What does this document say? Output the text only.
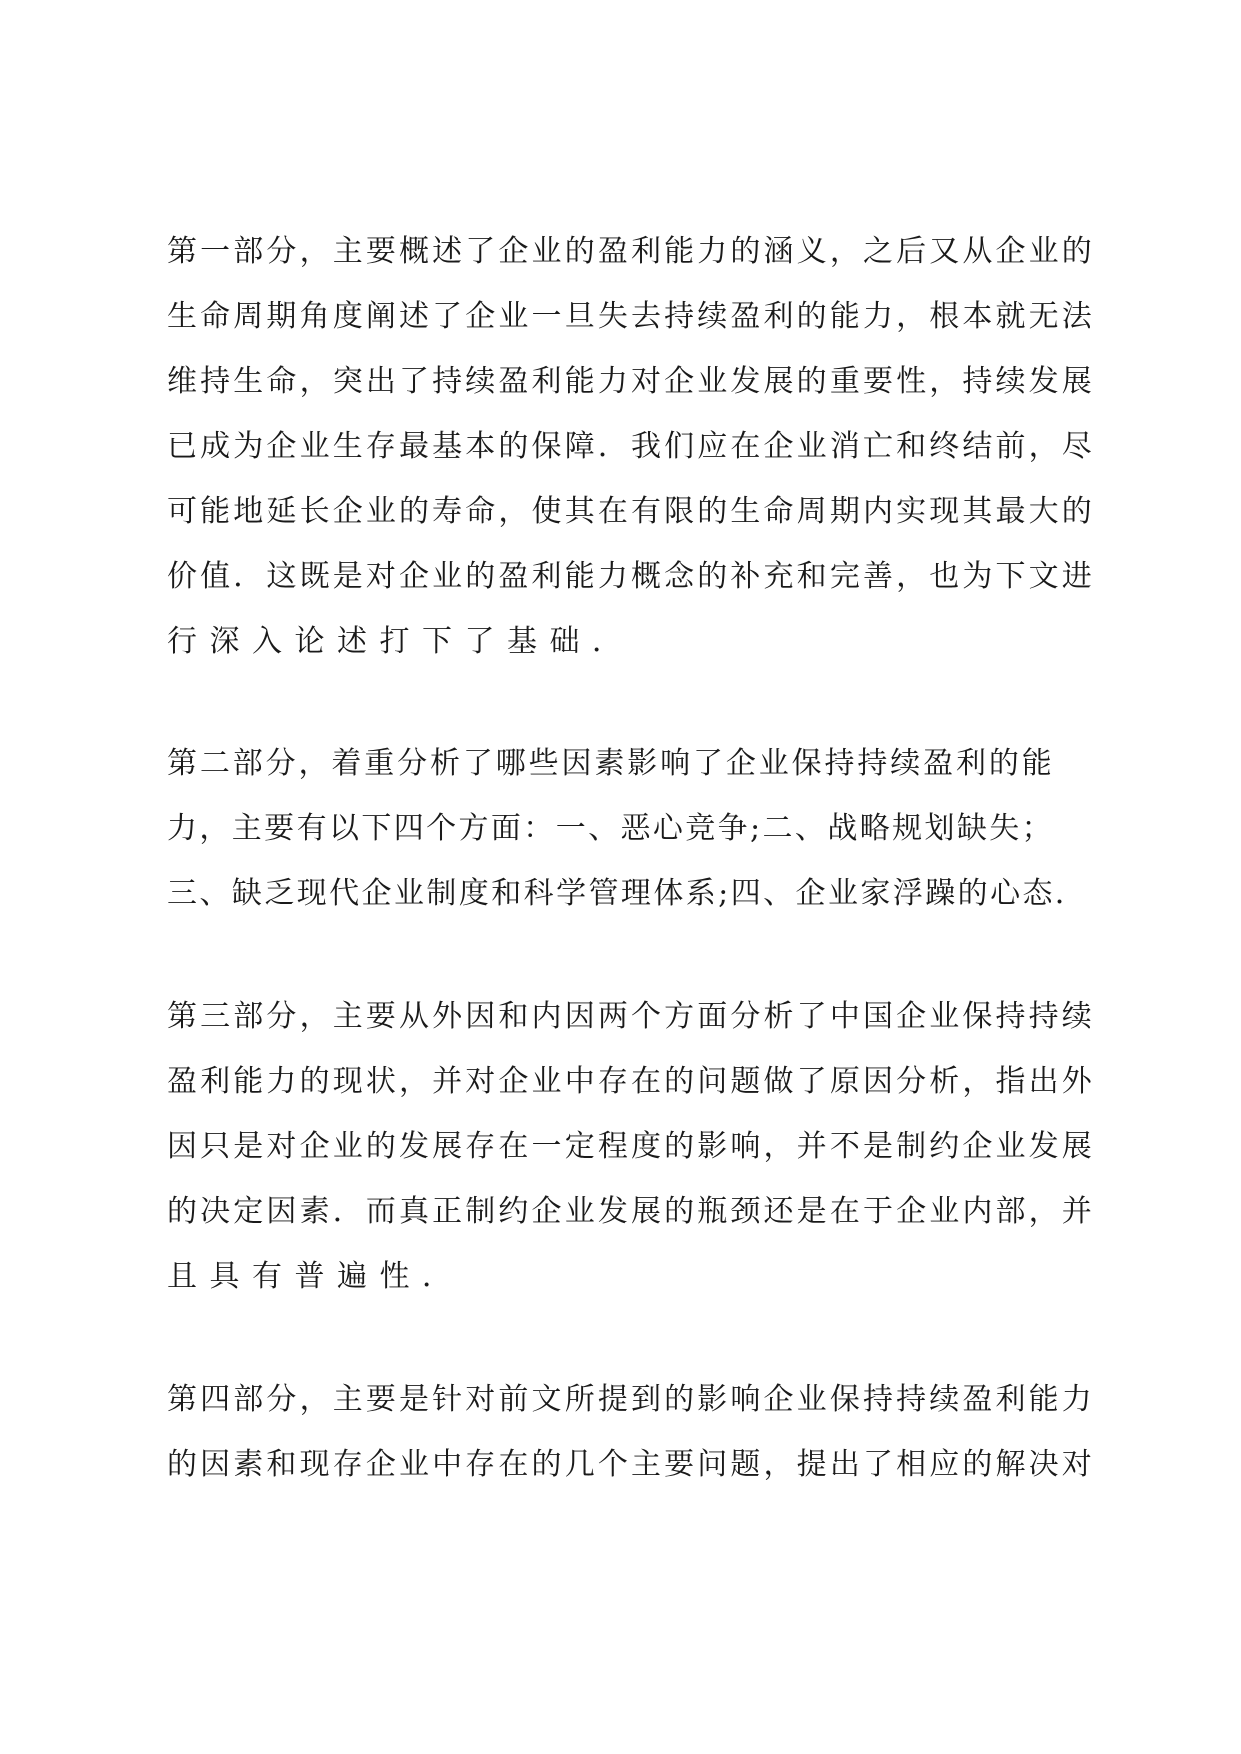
第 一 部 分 ， 主 要 概 述 了 企 业 的 盈 利 能 力 的 涵 义 ， 之 后 又 从 企 业 的
生 命 周 期 角 度 阐 述 了 企 业 一 旦 失 去 持 续 盈 利 的 能 力 ， 根 本 就 无 法
维 持 生 命 ， 突 出 了 持 续 盈 利 能 力 对 企 业 发 展 的 重 要 性 ， 持 续 发 展
已 成 为 企 业 生 存 最 基 本 的 保 障 ． 我 们 应 在 企 业 消 亡 和 终 结 前 ， 尽
可 能 地 延 长 企 业 的 寿 命 ， 使 其 在 有 限 的 生 命 周 期 内 实 现 其 最 大 的
价 值 ． 这 既 是 对 企 业 的 盈 利 能 力 概 念 的 补 充 和 完 善 ， 也 为 下 文 进
行深入论述打下了基础．
第 二 部 分 ， 着 重 分 析 了 哪 些 因 素 影 响 了 企 业 保 持 持 续 盈 利 的 能
力 ， 主 要 有 以 下 四 个 方 面 ： 一 、 恶 心 竞 争 ; 二 、 战 略 规 划 缺 失 ；
三 、 缺 乏 现 代 企 业 制 度 和 科 学 管 理 体 系 ; 四 、 企 业 家 浮 躁 的 心 态 ．
第 三 部 分 ， 主 要 从 外 因 和 内 因 两 个 方 面 分 析 了 中 国 企 业 保 持 持 续
盈 利 能 力 的 现 状 ， 并 对 企 业 中 存 在 的 问 题 做 了 原 因 分 析 ， 指 出 外
因 只 是 对 企 业 的 发 展 存 在 一 定 程 度 的 影 响 ， 并 不 是 制 约 企 业 发 展
的 决 定 因 素 ． 而 真 正 制 约 企 业 发 展 的 瓶 颈 还 是 在 于 企 业 内 部 ， 并
且具有普遍性．
第 四 部 分 ， 主 要 是 针 对 前 文 所 提 到 的 影 响 企 业 保 持 持 续 盈 利 能 力
的 因 素 和 现 存 企 业 中 存 在 的 几 个 主 要 问 题 ， 提 出 了 相 应 的 解 决 对
